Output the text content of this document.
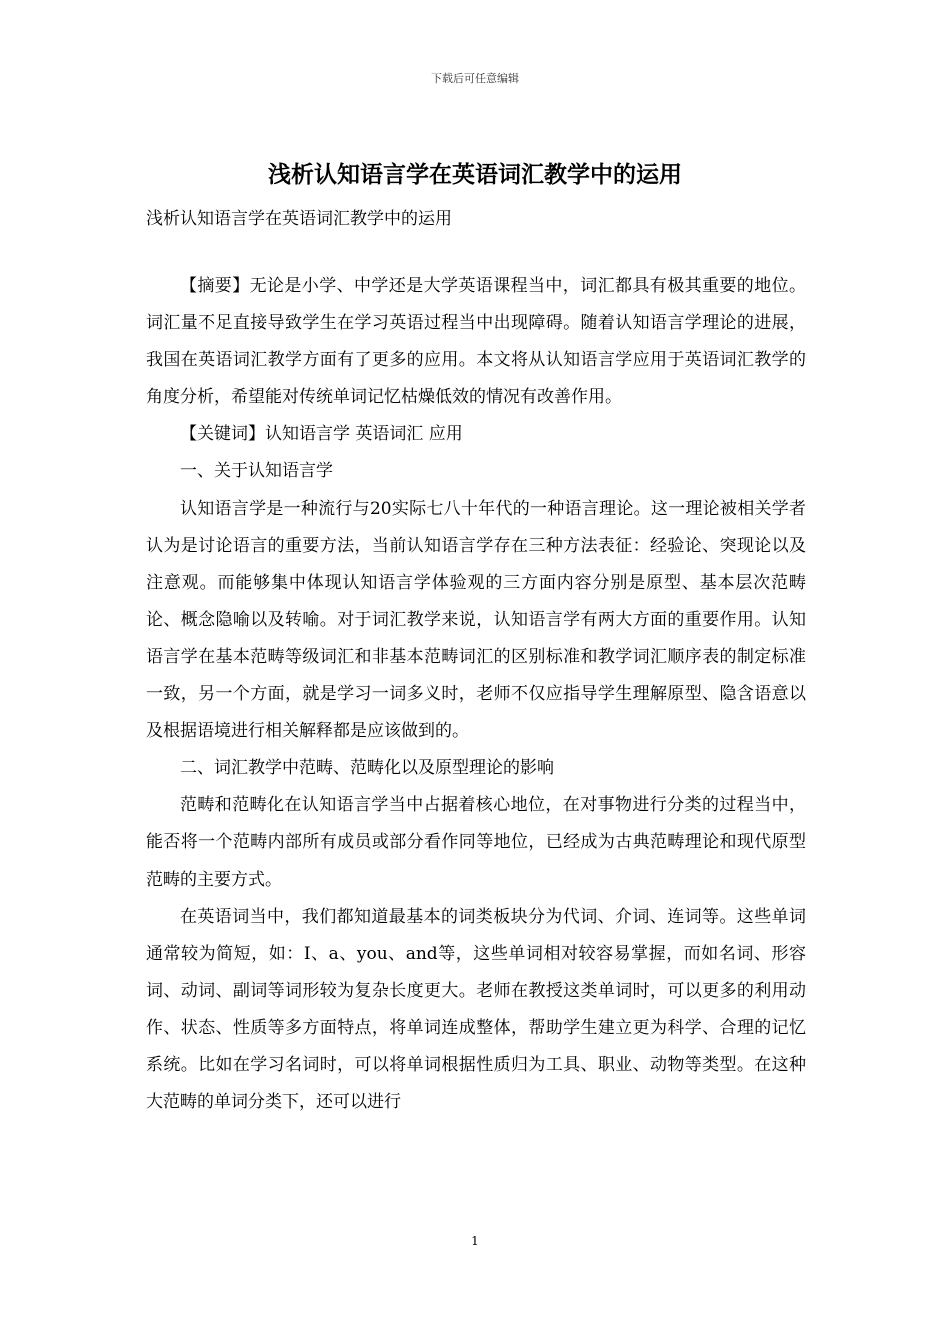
下载后可任意编辑
浅析认知语言学在英语词汇教学中的运用
浅析认知语言学在英语词汇教学中的运用

【摘要】无论是小学、中学还是大学英语课程当中，词汇都具有极其重要的地位。词汇量不足直接导致学生在学习英语过程当中出现障碍。随着认知语言学理论的进展，我国在英语词汇教学方面有了更多的应用。本文将从认知语言学应用于英语词汇教学的角度分析，希望能对传统单词记忆枯燥低效的情况有改善作用。

【关键词】认知语言学 英语词汇 应用

一、关于认知语言学

认知语言学是一种流行与20实际七八十年代的一种语言理论。这一理论被相关学者认为是讨论语言的重要方法，当前认知语言学存在三种方法表征：经验论、突现论以及注意观。而能够集中体现认知语言学体验观的三方面内容分别是原型、基本层次范畴论、概念隐喻以及转喻。对于词汇教学来说，认知语言学有两大方面的重要作用。认知语言学在基本范畴等级词汇和非基本范畴词汇的区别标准和教学词汇顺序表的制定标准一致，另一个方面，就是学习一词多义时，老师不仅应指导学生理解原型、隐含语意以及根据语境进行相关解释都是应该做到的。

二、词汇教学中范畴、范畴化以及原型理论的影响

范畴和范畴化在认知语言学当中占据着核心地位，在对事物进行分类的过程当中，能否将一个范畴内部所有成员或部分看作同等地位，已经成为古典范畴理论和现代原型范畴的主要方式。

在英语词当中，我们都知道最基本的词类板块分为代词、介词、连词等。这些单词通常较为简短，如：I、a、you、and等，这些单词相对较容易掌握，而如名词、形容词、动词、副词等词形较为复杂长度更大。老师在教授这类单词时，可以更多的利用动作、状态、性质等多方面特点，将单词连成整体，帮助学生建立更为科学、合理的记忆系统。比如在学习名词时，可以将单词根据性质归为工具、职业、动物等类型。在这种大范畴的单词分类下，还可以进行

1
